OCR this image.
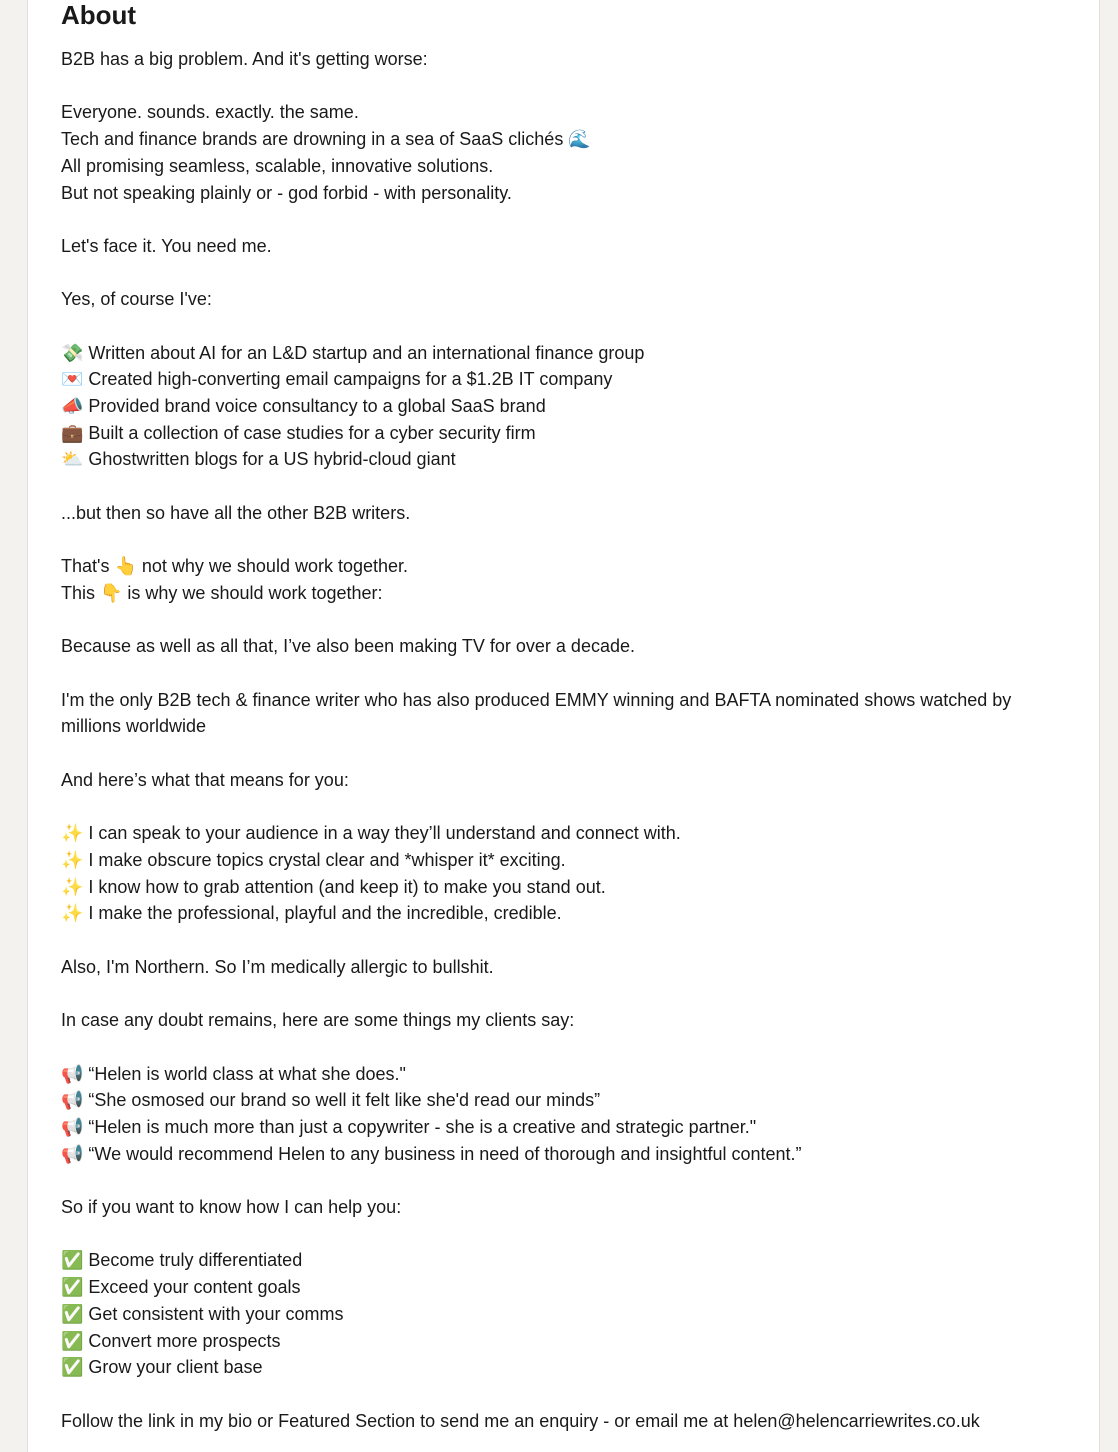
About
B2B has a big problem. And it's getting worse:
Everyone. sounds. exactly. the same.
Tech and finance brands are drowning in a sea of SaaS clichés 🌊
All promising seamless, scalable, innovative solutions.
But not speaking plainly or - god forbid - with personality.
Let's face it. You need me.
Yes, of course I've:
💸 Written about AI for an L&D startup and an international finance group
💌 Created high-converting email campaigns for a $1.2B IT company
📣 Provided brand voice consultancy to a global SaaS brand
💼 Built a collection of case studies for a cyber security firm
⛅ Ghostwritten blogs for a US hybrid-cloud giant
...but then so have all the other B2B writers.
That's 👆 not why we should work together.
This 👇 is why we should work together:
Because as well as all that, I’ve also been making TV for over a decade.
I'm the only B2B tech & finance writer who has also produced EMMY winning and BAFTA nominated shows watched by millions worldwide
And here’s what that means for you:
✨ I can speak to your audience in a way they’ll understand and connect with.
✨ I make obscure topics crystal clear and *whisper it* exciting.
✨ I know how to grab attention (and keep it) to make you stand out.
✨ I make the professional, playful and the incredible, credible.
Also, I'm Northern. So I’m medically allergic to bullshit.
In case any doubt remains, here are some things my clients say:
📢 “Helen is world class at what she does."
📢 “She osmosed our brand so well it felt like she'd read our minds”
📢 “Helen is much more than just a copywriter - she is a creative and strategic partner."
📢 “We would recommend Helen to any business in need of thorough and insightful content.”
So if you want to know how I can help you:
✅ Become truly differentiated
✅ Exceed your content goals
✅ Get consistent with your comms
✅ Convert more prospects
✅ Grow your client base
Follow the link in my bio or Featured Section to send me an enquiry - or email me at helen@helencarriewrites.co.uk
